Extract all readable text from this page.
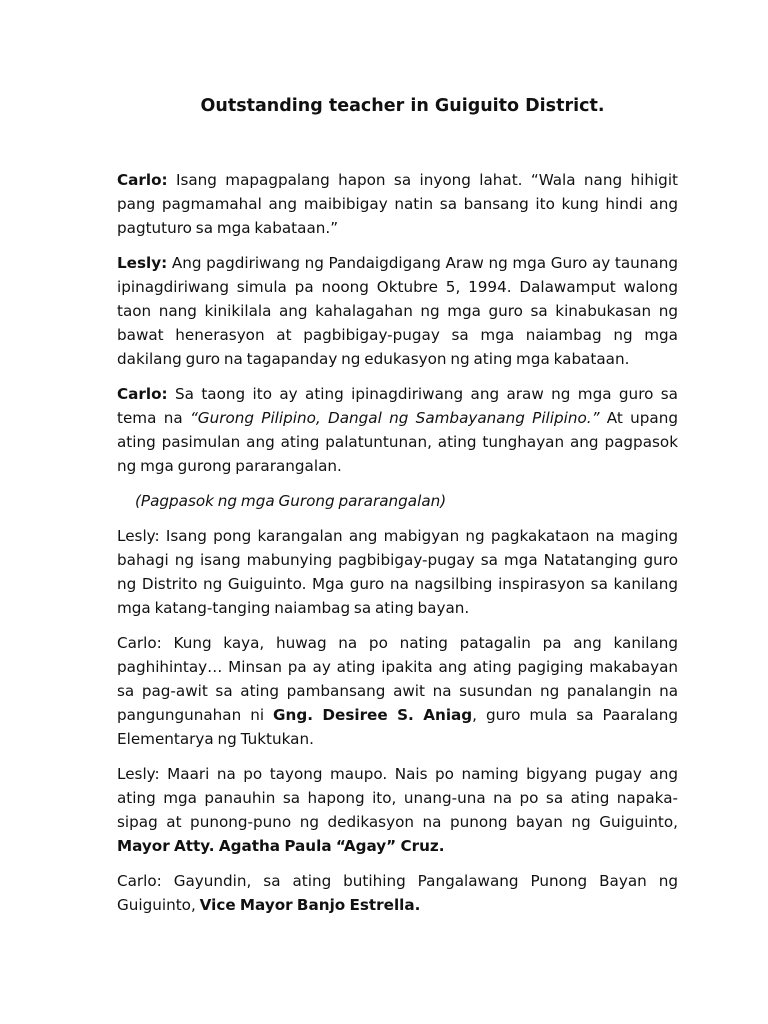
Outstanding teacher in Guiguito District.

Carlo: Isang mapagpalang hapon sa inyong lahat. “Wala nang hihigit pang pagmamahal ang maibibigay natin sa bansang ito kung hindi ang pagtuturo sa mga kabataan.”

Lesly: Ang pagdiriwang ng Pandaigdigang Araw ng mga Guro ay taunang ipinagdiriwang simula pa noong Oktubre 5, 1994. Dalawamput walong taon nang kinikilala ang kahalagahan ng mga guro sa kinabukasan ng bawat henerasyon at pagbibigay-pugay sa mga naiambag ng mga dakilang guro na tagapanday ng edukasyon ng ating mga kabataan.

Carlo: Sa taong ito ay ating ipinagdiriwang ang araw ng mga guro sa tema na “Gurong Pilipino, Dangal ng Sambayanang Pilipino.” At upang ating pasimulan ang ating palatuntunan, ating tunghayan ang pagpasok ng mga gurong pararangalan.

(Pagpasok ng mga Gurong pararangalan)

Lesly: Isang pong karangalan ang mabigyan ng pagkakataon na maging bahagi ng isang mabunying pagbibigay-pugay sa mga Natatanging guro ng Distrito ng Guiguinto. Mga guro na nagsilbing inspirasyon sa kanilang mga katang-tanging naiambag sa ating bayan.

Carlo: Kung kaya, huwag na po nating patagalin pa ang kanilang paghihintay… Minsan pa ay ating ipakita ang ating pagiging makabayan sa pag-awit sa ating pambansang awit na susundan ng panalangin na pangungunahan ni Gng. Desiree S. Aniag, guro mula sa Paaralang Elementarya ng Tuktukan.

Lesly: Maari na po tayong maupo. Nais po naming bigyang pugay ang ating mga panauhin sa hapong ito, unang-una na po sa ating napaka-sipag at punong-puno ng dedikasyon na punong bayan ng Guiguinto, Mayor Atty. Agatha Paula “Agay” Cruz.

Carlo: Gayundin, sa ating butihing Pangalawang Punong Bayan ng Guiguinto, Vice Mayor Banjo Estrella.
